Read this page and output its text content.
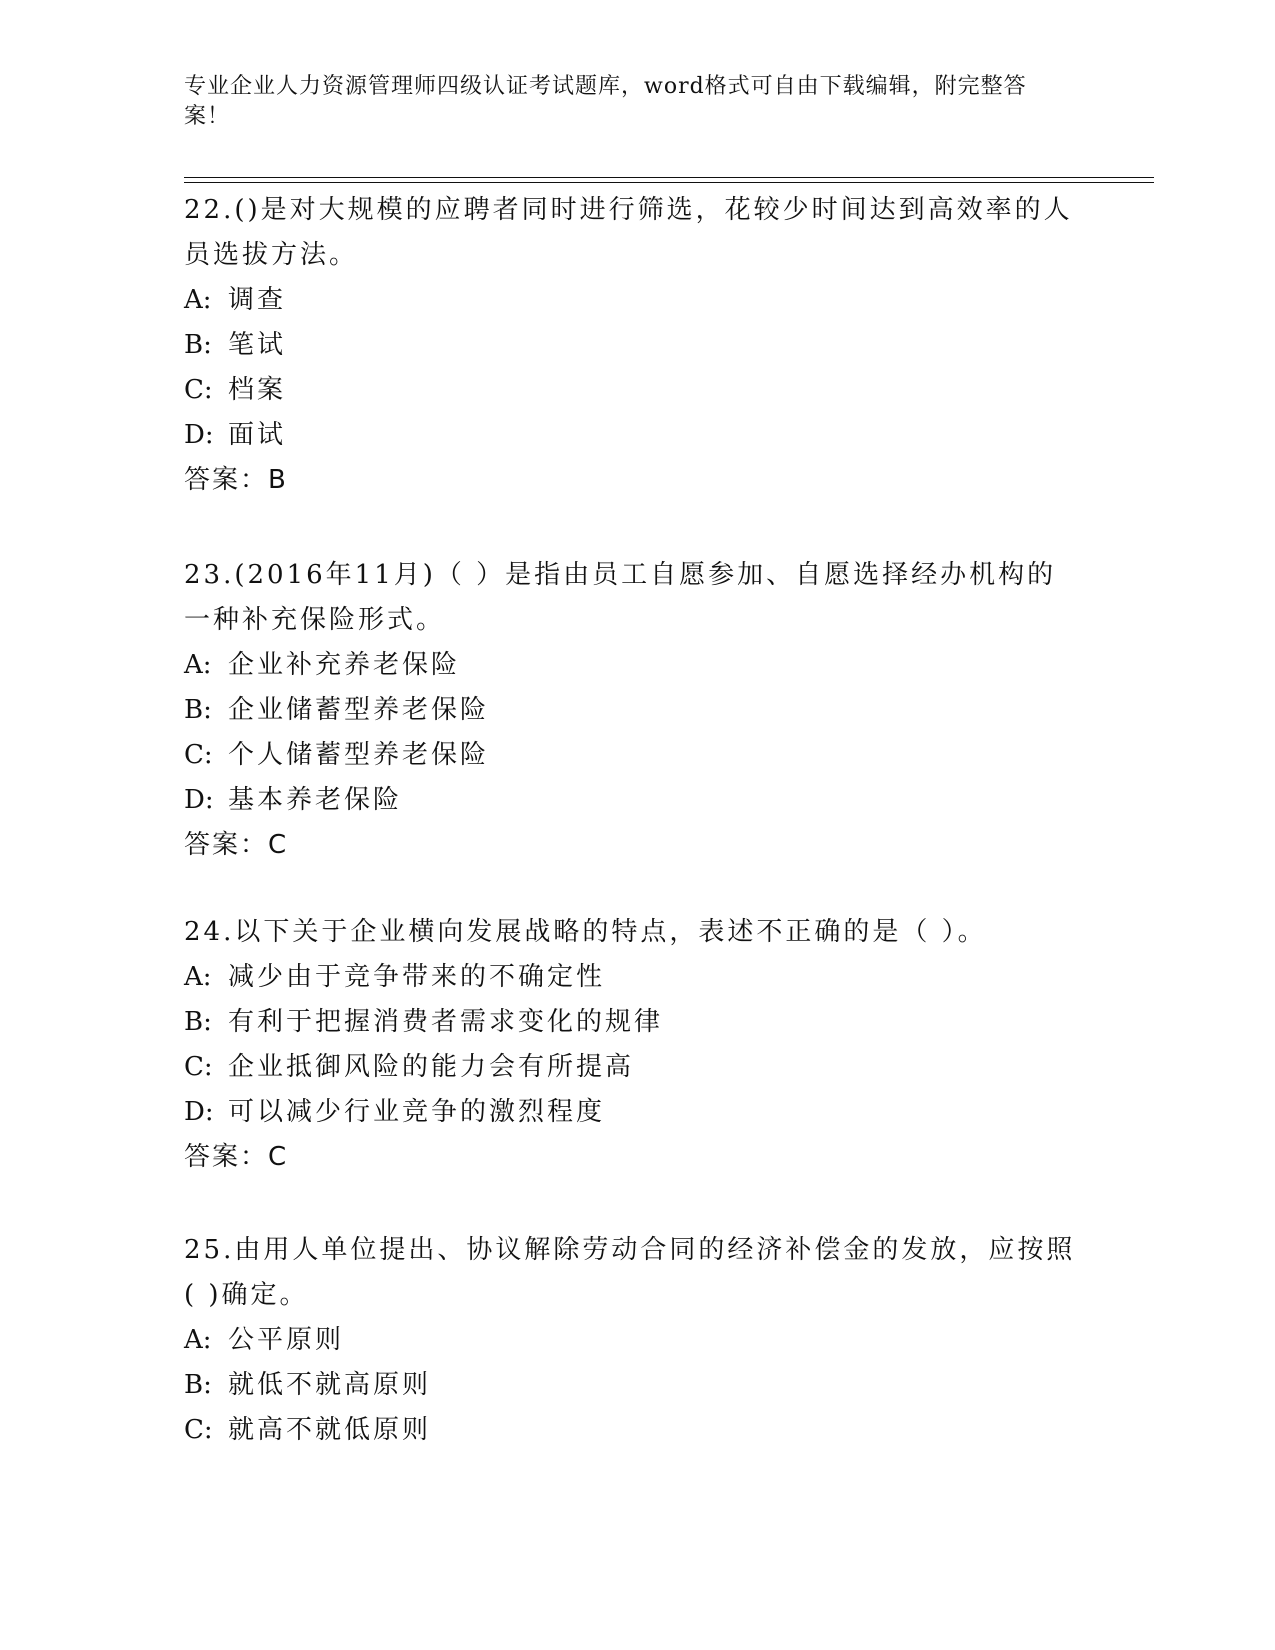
专业企业人力资源管理师四级认证考试题库，word格式可自由下载编辑，附完整答案！

22.()是对大规模的应聘者同时进行筛选，花较少时间达到高效率的人员选拔方法。

A: 调查

B: 笔试

C: 档案

D: 面试

答案：B

23.(2016年11月)（ ）是指由员工自愿参加、自愿选择经办机构的一种补充保险形式。

A: 企业补充养老保险

B: 企业储蓄型养老保险

C: 个人储蓄型养老保险

D: 基本养老保险

答案：C

24.以下关于企业横向发展战略的特点，表述不正确的是（ ）。

A: 减少由于竞争带来的不确定性

B: 有利于把握消费者需求变化的规律

C: 企业抵御风险的能力会有所提高

D: 可以减少行业竞争的激烈程度

答案：C

25.由用人单位提出、协议解除劳动合同的经济补偿金的发放，应按照( )确定。

A: 公平原则

B: 就低不就高原则

C: 就高不就低原则
